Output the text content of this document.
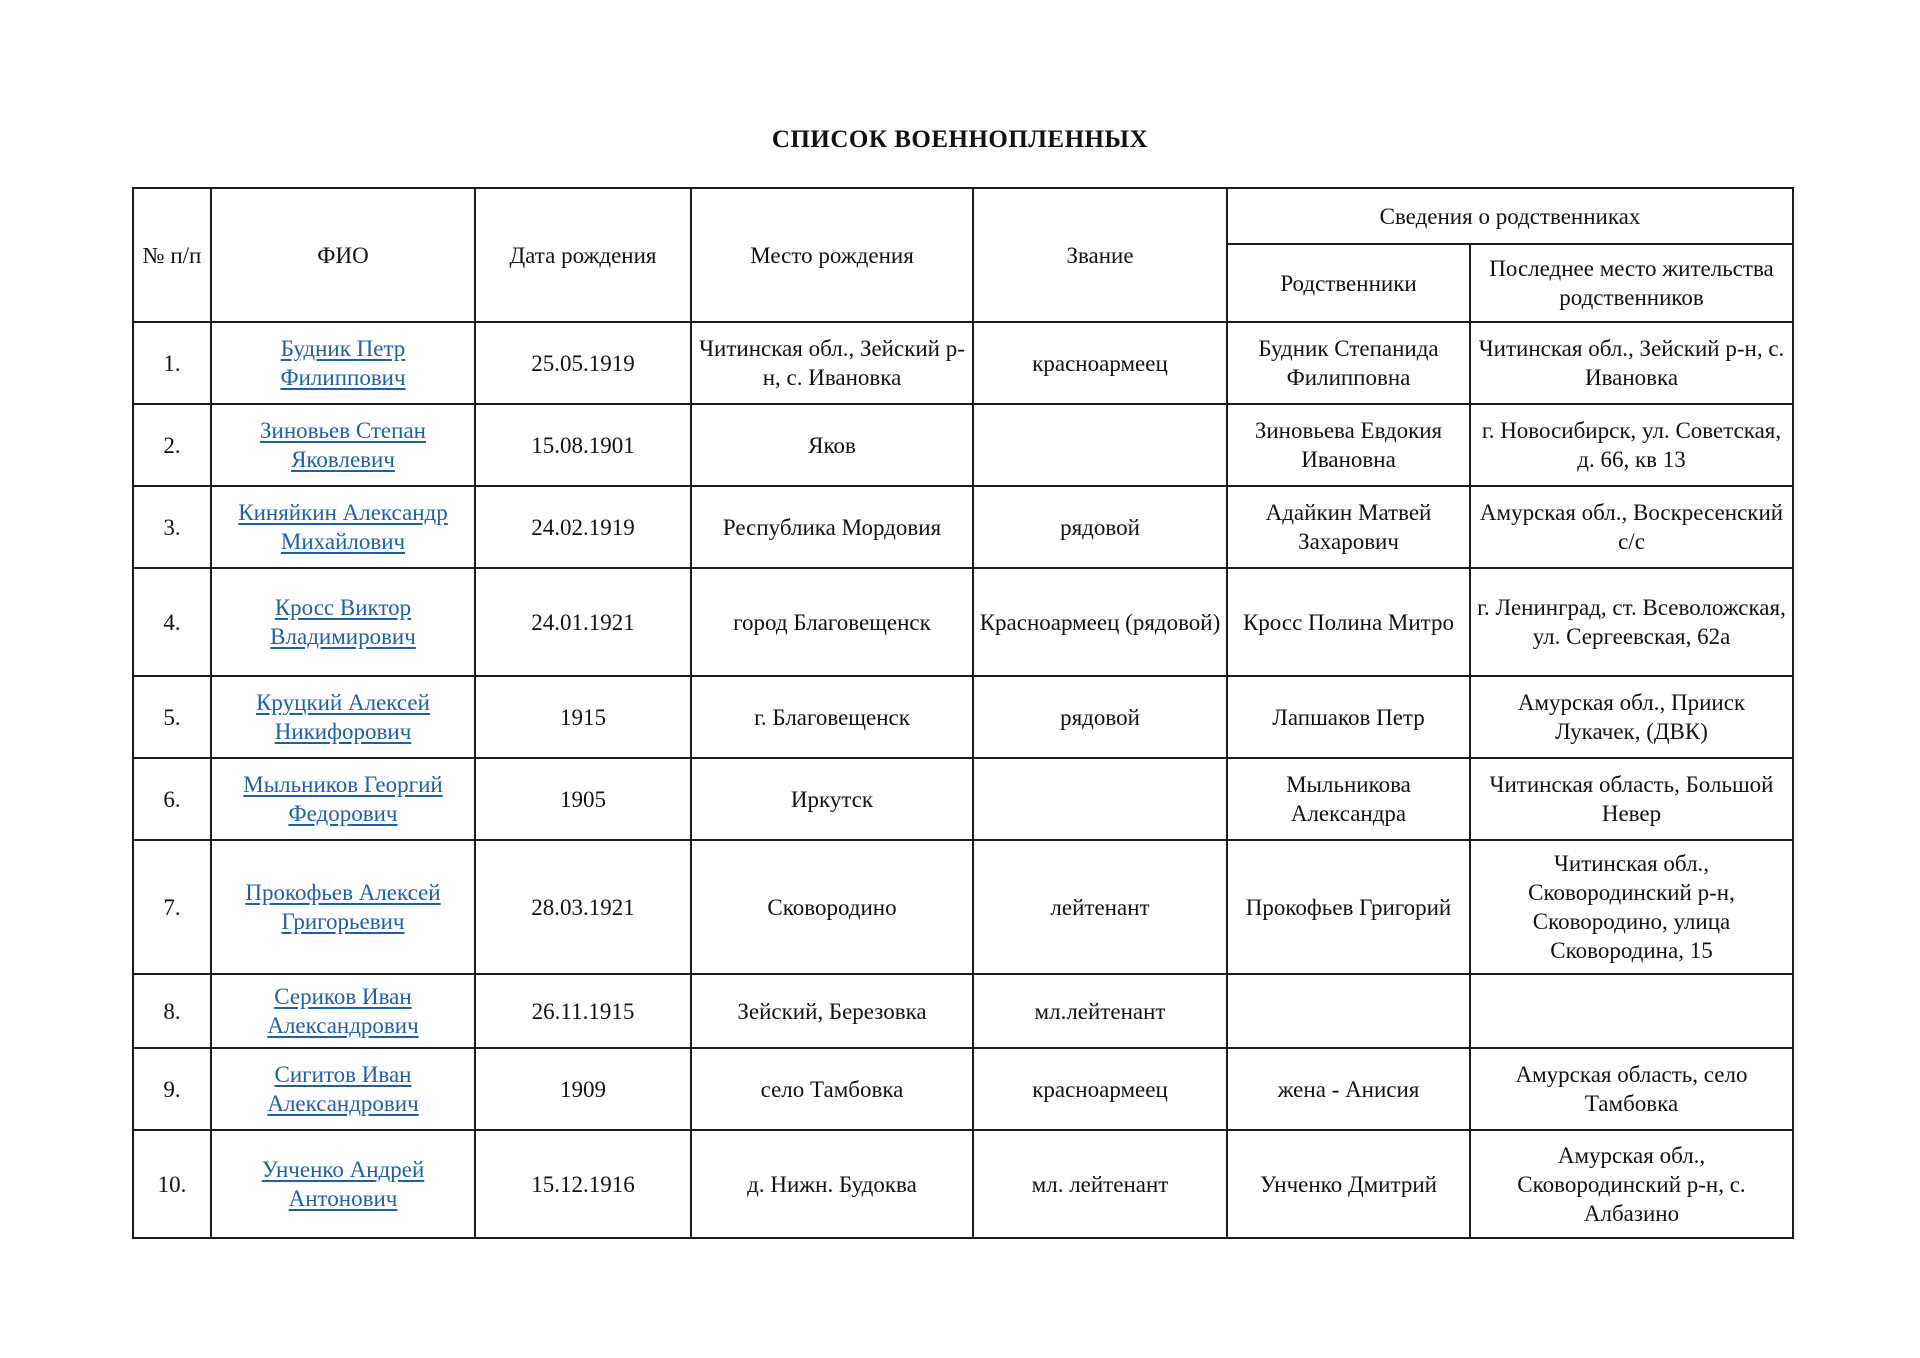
СПИСОК ВОЕННОПЛЕННЫХ
№ п/п	ФИО	Дата рождения	Место рождения	Звание	Сведения о родственниках	
					Родственники	Последнее место жительства родственников
1.	Будник Петр Филиппович	25.05.1919	Читинская обл., Зейский р-н, с. Ивановка	красноармеец	Будник Степанида Филипповна	Читинская обл., Зейский р-н, с. Ивановка
2.	Зиновьев Степан Яковлевич	15.08.1901	Яков		Зиновьева Евдокия Ивановна	г. Новосибирск, ул. Советская, д. 66, кв 13
3.	Киняйкин Александр Михайлович	24.02.1919	Республика Мордовия	рядовой	Адайкин Матвей Захарович	Амурская обл., Воскресенский с/с
4.	Кросс Виктор Владимирович	24.01.1921	город Благовещенск	Красноармеец (рядовой)	Кросс Полина Митро	г. Ленинград, ст. Всеволожская, ул. Сергеевская, 62а
5.	Круцкий Алексей Никифорович	1915	г. Благовещенск	рядовой	Лапшаков Петр	Амурская обл., Прииск Лукачек, (ДВК)
6.	Мыльников Георгий Федорович	1905	Иркутск		Мыльникова Александра	Читинская область, Большой Невер
7.	Прокофьев Алексей Григорьевич	28.03.1921	Сковородино	лейтенант	Прокофьев Григорий	Читинская обл., Сковородинский р-н, Сковородино, улица Сковородина, 15
8.	Сериков Иван Александрович	26.11.1915	Зейский, Березовка	мл.лейтенант		
9.	Сигитов Иван Александрович	1909	село Тамбовка	красноармеец	жена - Анисия	Амурская область, село Тамбовка
10.	Унченко Андрей Антонович	15.12.1916	д. Нижн. Будоква	мл. лейтенант	Унченко Дмитрий	Амурская обл., Сковородинский р-н, с. Албазино
